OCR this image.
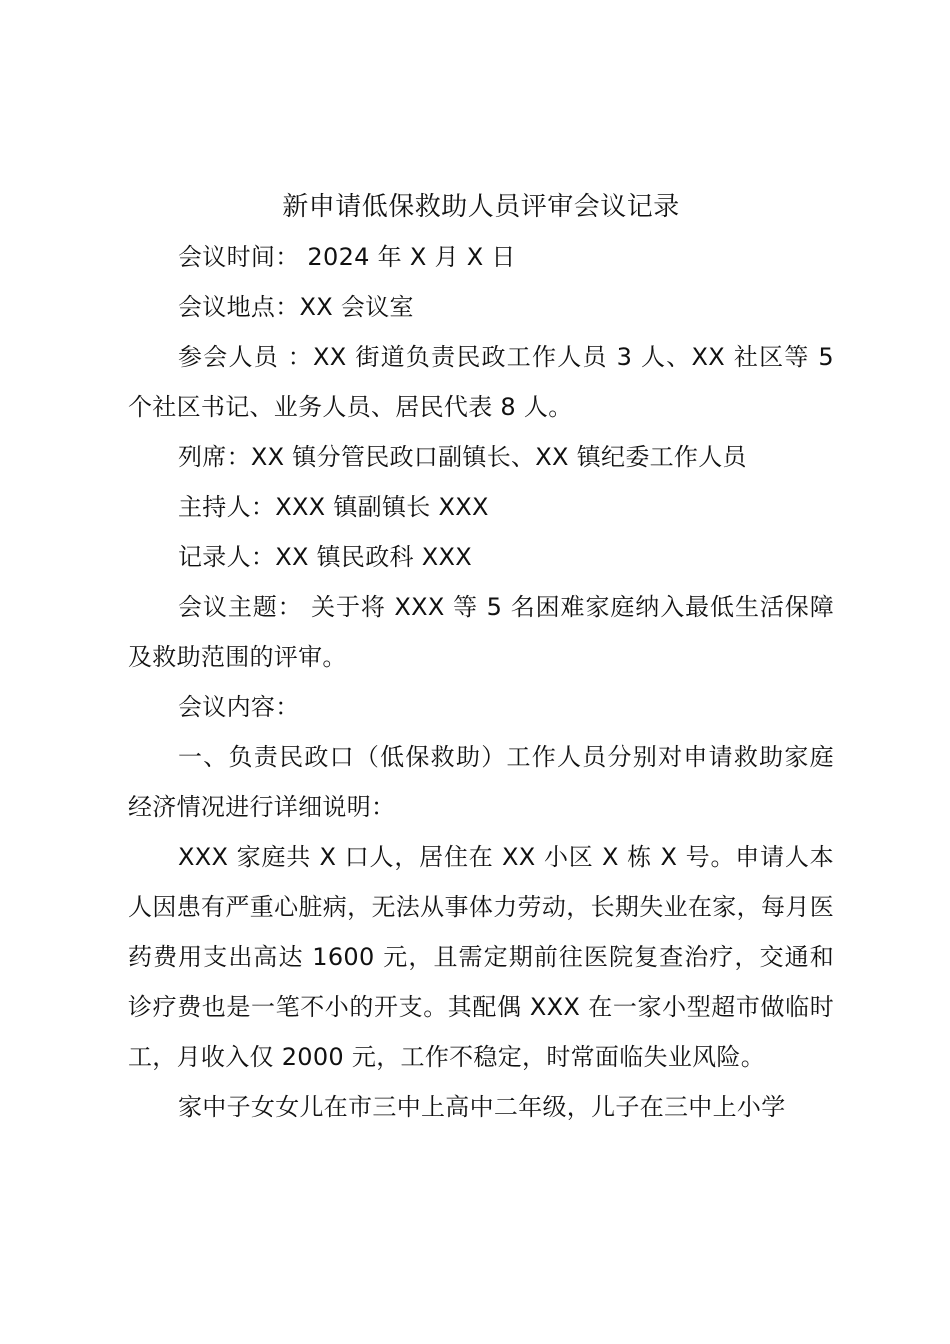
新申请低保救助人员评审会议记录

会议时间： 2024 年 X 月 X 日

会议地点：XX 会议室

参会人员 ：XX 街道负责民政工作人员 3 人、XX 社区等 5 个社区书记、业务人员、居民代表 8 人。

列席：XX 镇分管民政口副镇长、XX 镇纪委工作人员

主持人：XXX 镇副镇长 XXX

记录人：XX 镇民政科 XXX

会议主题： 关于将 XXX 等 5 名困难家庭纳入最低生活保障及救助范围的评审。

会议内容：

一、负责民政口（低保救助）工作人员分别对申请救助家庭经济情况进行详细说明：

XXX 家庭共 X 口人，居住在 XX 小区 X 栋 X 号。申请人本人因患有严重心脏病，无法从事体力劳动，长期失业在家，每月医药费用支出高达 1600 元，且需定期前往医院复查治疗，交通和诊疗费也是一笔不小的开支。其配偶 XXX 在一家小型超市做临时工，月收入仅 2000 元，工作不稳定，时常面临失业风险。

家中子女女儿在市三中上高中二年级，儿子在三中上小学
